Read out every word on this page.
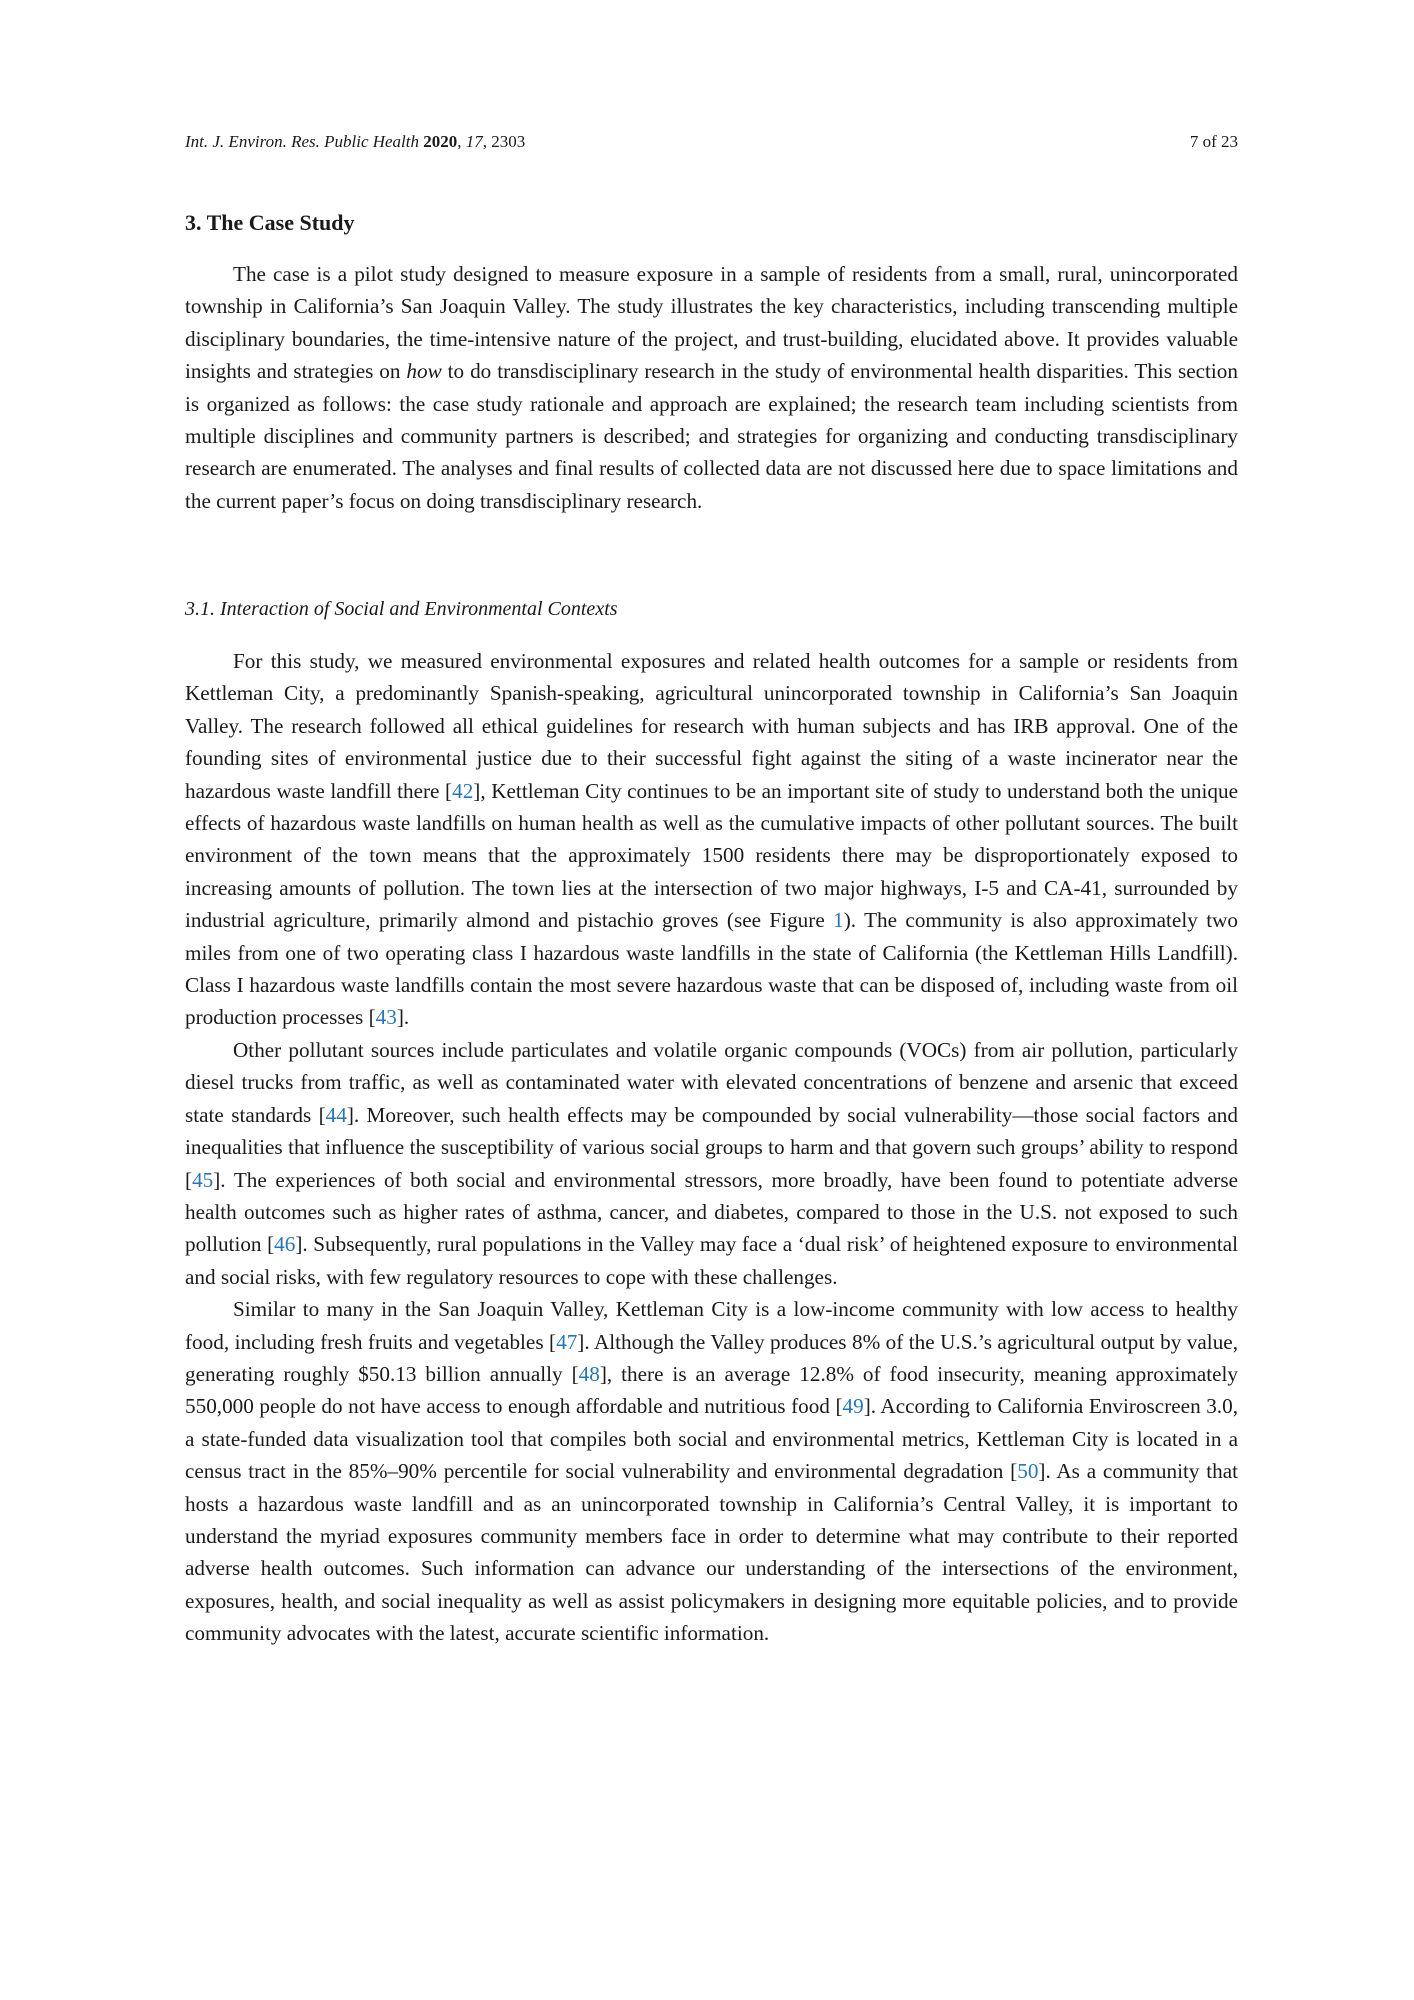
Int. J. Environ. Res. Public Health 2020, 17, 2303	7 of 23
3. The Case Study

The case is a pilot study designed to measure exposure in a sample of residents from a small, rural, unincorporated township in California’s San Joaquin Valley. The study illustrates the key characteristics, including transcending multiple disciplinary boundaries, the time-intensive nature of the project, and trust-building, elucidated above. It provides valuable insights and strategies on how to do transdisciplinary research in the study of environmental health disparities. This section is organized as follows: the case study rationale and approach are explained; the research team including scientists from multiple disciplines and community partners is described; and strategies for organizing and conducting transdisciplinary research are enumerated. The analyses and final results of collected data are not discussed here due to space limitations and the current paper’s focus on doing transdisciplinary research.

3.1. Interaction of Social and Environmental Contexts

For this study, we measured environmental exposures and related health outcomes for a sample or residents from Kettleman City, a predominantly Spanish-speaking, agricultural unincorporated township in California’s San Joaquin Valley. The research followed all ethical guidelines for research with human subjects and has IRB approval. One of the founding sites of environmental justice due to their successful fight against the siting of a waste incinerator near the hazardous waste landfill there [42], Kettleman City continues to be an important site of study to understand both the unique effects of hazardous waste landfills on human health as well as the cumulative impacts of other pollutant sources. The built environment of the town means that the approximately 1500 residents there may be disproportionately exposed to increasing amounts of pollution. The town lies at the intersection of two major highways, I-5 and CA-41, surrounded by industrial agriculture, primarily almond and pistachio groves (see Figure 1). The community is also approximately two miles from one of two operating class I hazardous waste landfills in the state of California (the Kettleman Hills Landfill). Class I hazardous waste landfills contain the most severe hazardous waste that can be disposed of, including waste from oil production processes [43].

Other pollutant sources include particulates and volatile organic compounds (VOCs) from air pollution, particularly diesel trucks from traffic, as well as contaminated water with elevated concentrations of benzene and arsenic that exceed state standards [44]. Moreover, such health effects may be compounded by social vulnerability—those social factors and inequalities that influence the susceptibility of various social groups to harm and that govern such groups’ ability to respond [45]. The experiences of both social and environmental stressors, more broadly, have been found to potentiate adverse health outcomes such as higher rates of asthma, cancer, and diabetes, compared to those in the U.S. not exposed to such pollution [46]. Subsequently, rural populations in the Valley may face a ‘dual risk’ of heightened exposure to environmental and social risks, with few regulatory resources to cope with these challenges.

Similar to many in the San Joaquin Valley, Kettleman City is a low-income community with low access to healthy food, including fresh fruits and vegetables [47]. Although the Valley produces 8% of the U.S.’s agricultural output by value, generating roughly $50.13 billion annually [48], there is an average 12.8% of food insecurity, meaning approximately 550,000 people do not have access to enough affordable and nutritious food [49]. According to California Enviroscreen 3.0, a state-funded data visualization tool that compiles both social and environmental metrics, Kettleman City is located in a census tract in the 85%–90% percentile for social vulnerability and environmental degradation [50]. As a community that hosts a hazardous waste landfill and as an unincorporated township in California’s Central Valley, it is important to understand the myriad exposures community members face in order to determine what may contribute to their reported adverse health outcomes. Such information can advance our understanding of the intersections of the environment, exposures, health, and social inequality as well as assist policymakers in designing more equitable policies, and to provide community advocates with the latest, accurate scientific information.
